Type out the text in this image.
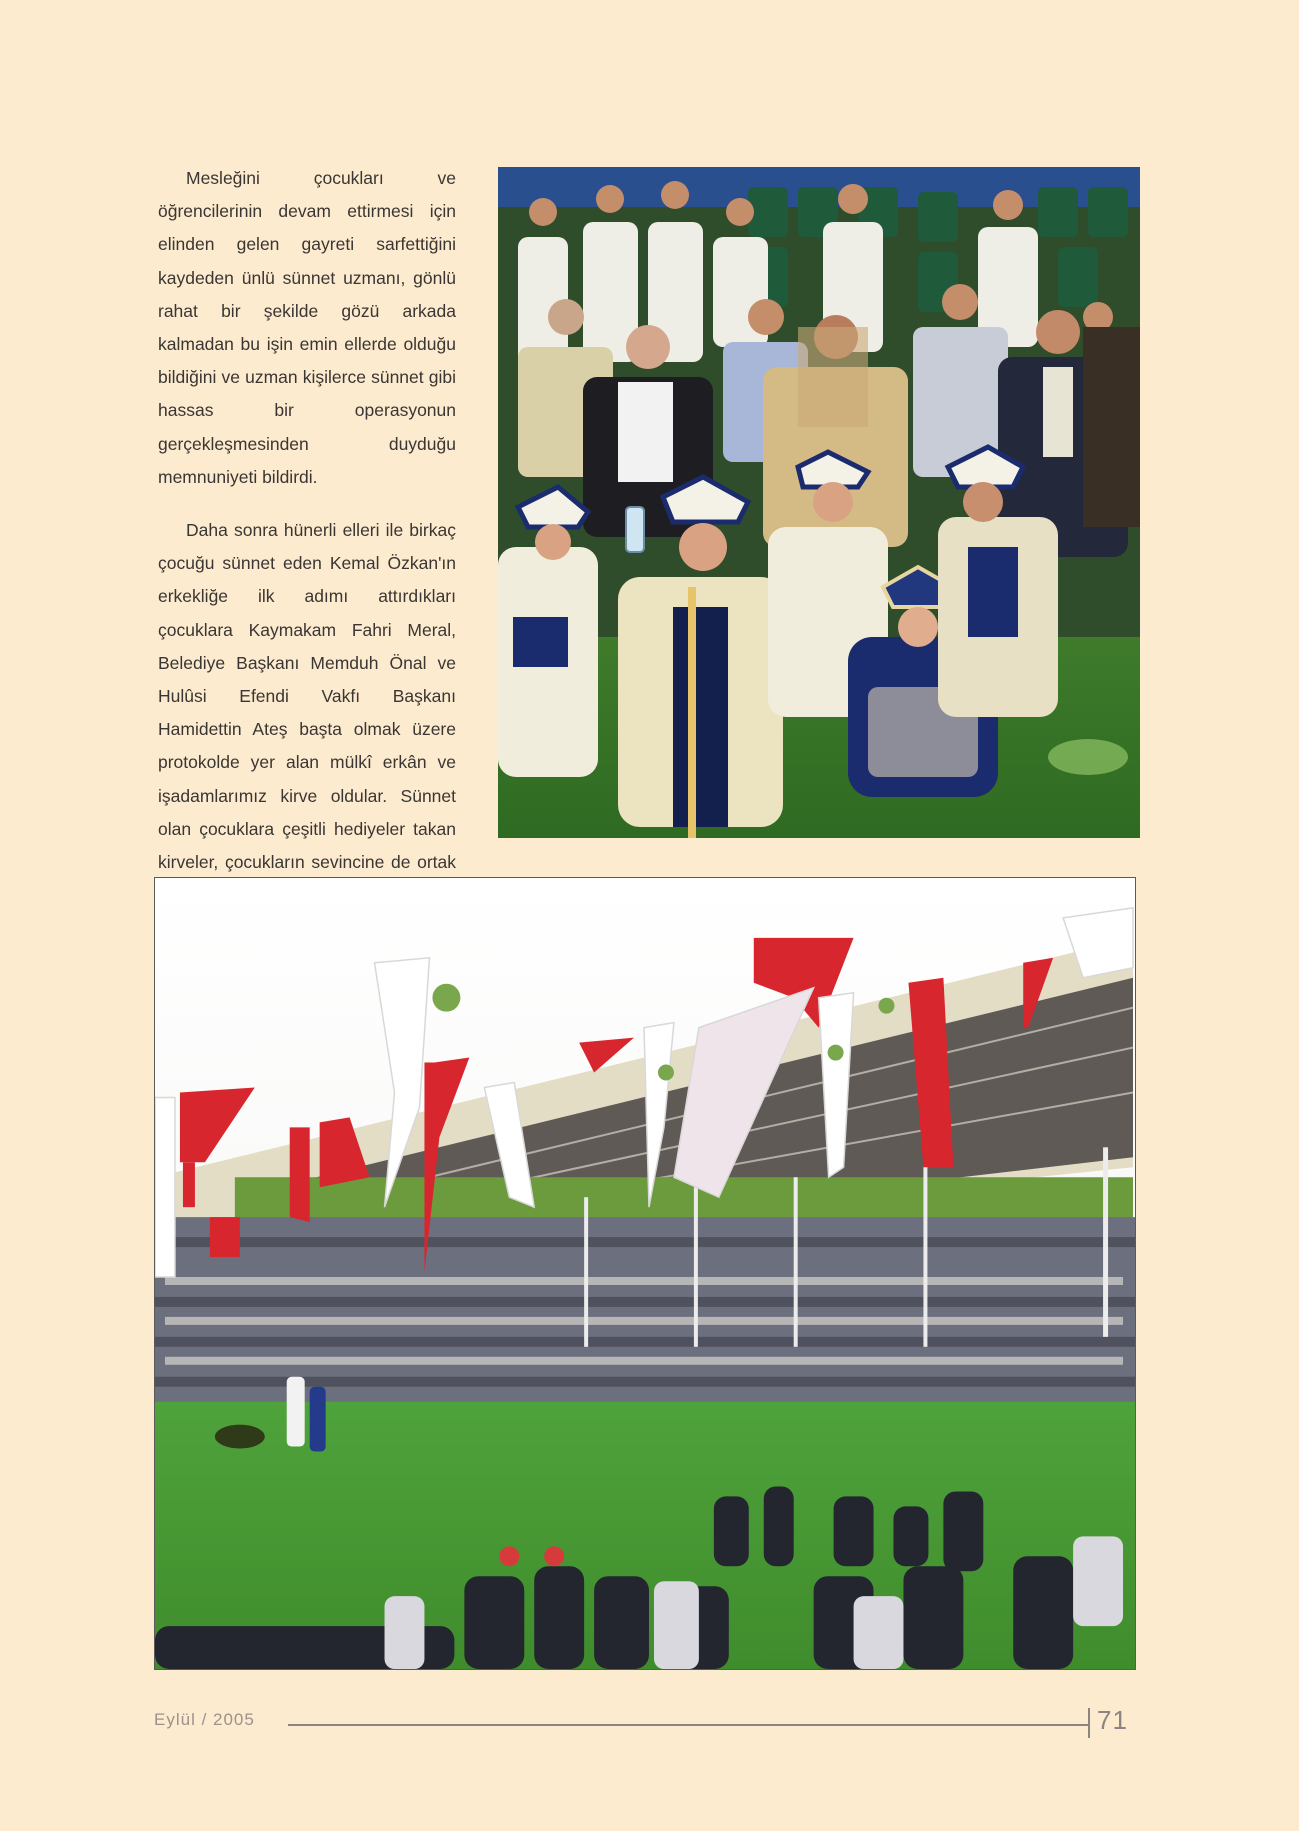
Mesleğini çocukları ve öğrencilerinin devam ettirmesi için elinden gelen gayreti sarfettiğini kaydeden ünlü sünnet uzmanı, gönlü rahat bir şekilde gözü arkada kalmadan bu işin emin ellerde olduğu bildiğini ve uzman kişilerce sünnet gibi hassas bir operasyonun gerçekleşmesinden duyduğu memnuniyeti bildirdi.

Daha sonra hünerli elleri ile birkaç çocuğu sünnet eden Kemal Özkan'ın erkekliğe ilk adımı attırdıkları çocuklara Kaymakam Fahri Meral, Belediye Başkanı Memduh Önal ve Hulûsi Efendi Vakfı Başkanı Hamidettin Ateş başta olmak üzere protokolde yer alan mülkî erkân ve işadamlarımız kirve oldular. Sünnet olan çocuklara çeşitli hediyeler takan kirveler, çocukların sevincine de ortak

Eylül / 2005	71
